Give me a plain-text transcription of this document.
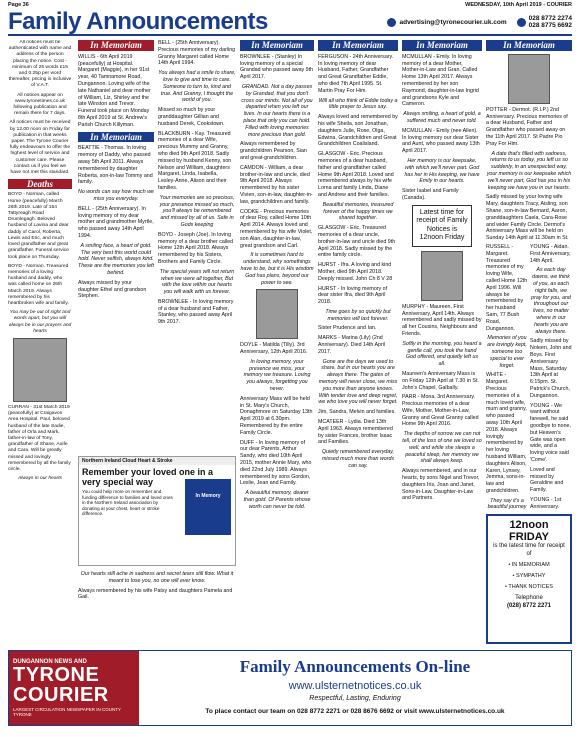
Page 36	WEDNESDAY, 10th April 2019 - COURIER
Family Announcements	advertising@tyronecourier.uk.com	028 8772 2274
028 8775 6692

All notices must be authenticated with name and address of the person placing the notice. Cost - minimum of 25 words £15 and 0.25p per word thereafter, pricing is inclusive of V.A.T.

All notices appear on www.tyronetimes.co.uk following publication and remain there for 7 days.

All notices must be received by 12.00 noon on Friday for publication in that weeks paper. The Tyrone Courier fully endeavours to offer the highest level of service and customer care. Please contact us if you feel we have not met this standard.

Deaths

BOYD - Norman, called Home (peacefully) March 26th 2019. Late of 154 Tattyreagh Road Drumlegagh. Beloved husband of Lavina and dear daddy of Carol, Roberta, Lewis and Eric, and much loved grandfather and great grandfather. Funeral service took place on Thursday.

BOYD - Norman. Treasured memories of a loving husband and daddy, who was called home on 26th March 2019. Always remembered by his heartbroken wife and family.

You may be out of sight and words apart, but you will always be in our prayers and hearts

CURRAN - 31st March 2019 (peacefully) at Craigavon Area Hospital. Paul, beloved husband of the late Sadie, father of Orla and Mark, father-in-law of Tony, grandfather of Shane, Aoife and Cara. Will be greatly missed and lovingly remembered by all the family circle.

Always in our hearts

In Memoriam

WILLIS - 6th April 2019 (peacefully) at Hospital. Margaret (Maggie), in her 91st year, 40 Tamnamore Road, Dungannon. Loving wife of the late Nathaniel and dear mother of William, Liz, Shirley and the late Winston and Trevor. Funeral took place on Monday 8th April 2019 at St. Andrew's Parish Church Killyman.

In Memoriam

BEATTIE - Thomas. In loving memory of Daddy, who passed away 5th April 2011. Always remembered by daughter Roberta, son-in-law Tommy and family.

No words can say how much we miss you everyday.

BELL - (25th Anniversary). In loving memory of my dear mother and grandmother Myrtle, who passed away 14th April 1994.

A smiling face, a heart of gold. The very best this world could hold. Never selfish, always kind. These are the memories you left behind.

Always missed by your daughter Ethel and grandson Stephen.

BELL - (25th Anniversary). Precious memories of my darling Granny Margaret called Home 14th April 1994.

You always had a smile to share, love to give and time to care. Someone to turn to, kind and true. And Granny, I thought the world of you.

Missed so much by your granddaughter Gillian and husband Derek, Cookstown.

BLACKBURN - Kay. Treasured memories of a dear Wife, precious Mummy and Granny, who died 9th April 2018. Sadly missed by husband Kenny, son Nelson and William, daughters Margaret, Linda, Isabella, Lesley-Anne, Alison and their families.

Your memories are so precious, your presence missed so much, you'll always be remembered and missed by all of us. Safe in Gods keeping

BOYD - Joseph (Joe). In loving memory of a dear brother called Home 12th April 2018. Always remembered by his Sisters, Brothers and Family Circle.

The special years will not return when we were all together, But with the love within our hearts you will walk with us forever.

BROWNLEE - In loving memory of a dear husband and Father, Stanley, who passed away April 9th 2017.

Northern Ireland Cloud Heart & Stroke
Remember your loved one in a very special way
You could help more on remember and funding difference to families and loved ones in the Northern Ireland association by donating at your chest, heart or stroke difference.
In Memory

Our hearts still ache in sadness and secret tears still flow. What it meant to lose you, no one will ever know.

Always remembered by his wife Patsy and daughters Pamela and Gail.

In Memoriam

BROWNLEE - (Stanley) In loving memory of a special Grandad who passed away 9th April 2017.

GRANDAD. Not a day passes by Grandad, that you don't cross our minds. Not all of you departed when you left our lives. In our hearts there is a place that only you can hold. Filled with loving memories more precious than gold.

Always remembered by grandchildren Pearson, Sian and great-grandchildren.

CAMDON - William, a dear brother-in-law and uncle, died 9th April 2018. Always remembered by his sister Vivien, son-in-law, daughter-in-law, grandchildren and family.

CODKE - Precious memories of dear Roy, called Home 10th April 2014. Always loved and remembered by his wife Violet, son Alan, daughter-in-law, great grandson and Carl.

It is sometimes hard to understand, why somethings have to be, but it is His wisdom God has plans, beyond our power to see.

DOYLE - Matilda (Tilly). 3rd Anniversary, 12th April 2016.

In loving memory, your presence we miss, your memory we treasure. Loving you always, forgetting you never.

Anniversary Mass will be held in St. Mary's Church, Donaghmore on Saturday 13th April 2019 at 6.30pm. Remembered by the entire Family Circle.

DUFF - In loving memory of our dear Parents, Arthur Sandy, who died 10th April 2015, mother Annie Mary, who died 22nd July 1989. Always remembered by sons Gordon, Leslie, Jean and Family.

A beautiful memory, dearer than gold. Of Parents whose worth can never be told.

In Memoriam

FERGUSON - 24th Anniversary. In loving memory of dear Husband, Father, Grandfather and Great Grandfather Eddie, who died 7th April 1995. St. Martin Pray For Him.

Will all who think of Eddie today a little prayer to Jesus say.

Always loved and remembered by his wife Sheila, son Jonathan, daughters Julie, Rose, Olga, Edwina, Grandchildren and Great Grandchildren Coalisland.

GLASGOW - Eric. Precious memories of a dear husband, father and grandfather called Home 9th April 2018. Loved and remembered always by his wife Lorna and family Linda, Diane and Andrew and their families.

Beautiful memories, treasured forever of the happy times we shared together.

GLASGOW - Eric. Treasured memories of a dear uncle, brother-in-law and uncle died 9th April 2018. Sadly missed by the entire family circle.

HURST - Ifra. A loving and kind Mother, died 9th April 2018. Deeply missed. John Ch 8 V 28

HURST - In loving memory of dear sister Ifra, died 9th April 2018.

Time goes by so quickly but memories will last forever.

Sister Prudence and Ian.

MARKS - Marina (Lily) (2nd Anniversary). Died 14th April 2017.

Gone are the days we used to share, but in our hearts you are always there. The gates of memory will never close, we miss you more than anyone knows. With tender love and deep regret, we who love you will never forget.

Jim, Sandra, Melvin and families.

MCATEER - Lydia. Died 13th April 1963. Always remembered by sister Frances, brother Isaac and Families.

Quietly remembered everyday, missed much more than words can say.

In Memoriam

MCMULLAN - Emily. In loving memory of a dear Mother, Mother-in-Law and Gran. Called Home 13th April 2017. Always remembered by her son Raymond, daughter-in-law Ingrid and grandsons Kyle and Cameron.

Always smiling, a heart of gold, a suffered much and never told.

MCMULLAN - Emily (nee Allen). In loving memory our dear Sister and Aunt, who passed away 13th April 2017.

Her memory is our keepsake, with which we'll never part. God has her in His keeping, we have Emily in our hearts.

Sister Isabel and Family (Canada).

Latest time for receipt of Family Notices is 12noon Friday

MURPHY - Maureen. First Anniversary, April 14th. Always remembered and sadly missed by all her Cousins, Neighbours and Friends.

Softly in the morning, you heard a gentle call, you took the hand God offered, and quietly left us all.

Maureen's Anniversary Mass is on Friday 12th April at 7.30 in St. John's Chapel, Galbally.

PARR - Mona. 3rd Anniversary. Precious memories of a dear Wife, Mother, Mother-in-Law, Granny and Great Granny called Home 9th April 2016.

The depths of sorrow we can not tell, of the loss of one we loved so well, and while she sleeps a peaceful sleep, her memory we shall always keep.

Always remembered, and in our hearts, by sons Nigel and Trevor, daughters Iris, Joan and Janet, Sons-in-Law, Daughter-in-Law and Partners.

In Memoriam

POTTER - Dermot. (R.I.P.) 2nd Anniversary. Precious memories of a dear Husband, Father and Grandfather who passed away on the 11th April 2017. St Padre Pio Pray For Him.

A date that's filled with sadness, returns to us today, you left us so suddenly, in an unexpected way, your memory is our keepsake which we'll never part, God has you in his keeping we have you in our hearts.

Sadly missed by your loving wife Mary, daughters Tracy, Aisling, son Shane, son-in-law Bernard, Aaron, granddaughters Caela, Cara-Rose and wider Family Circle. Dermot's Anniversary Mass will be held on Sunday 14th April at 11.30am in St.

RUSSELL - Margaret. Treasured memories of my loving Wife, called Home 12th April 1996. Will always be remembered by her husband Sam, 77 Bush Road, Dungannon.

Memories of you are lovingly kept, someone too special to ever forget.

WHITE - Margaret. Precious memories of a much loved wife, mum and granny, who passed away 10th April 2018. Always lovingly remembered by her loving husband William, daughters Alison, Karen, Lynsey, Jemma, sons-in-law and grandchildren.

They say it's a beautiful journey

YOUNG - Aidan. First Anniversary, 14th April.

As each day dawns, we think of you, as each night falls, we pray for you, and throughout our lives, no matter where in our hearts you are always there.

Sadly missed by Noleen, John and Boys. First Anniversary Mass, Saturday 13th April at 6:15pm. St. Patrick's Church, Dungannon.

YOUNG - We want without farewell, he said goodbye to none, but Heaven's Gate was open wide, and a loving voice said 'Come'.

Loved and missed by Geraldine and Family.

YOUNG - 1st Anniversary.

12noon
FRIDAY
is the latest time for receipt of
• IN MEMORIAM
• SYMPATHY
• THANK NOTICES
Telephone
(028) 8772 2271
DUNGANNON NEWS AND
TYRONE COURIER
LARGEST CIRCULATION NEWSPAPER IN COUNTY TYRONE
Family Announcements On-line
www.ulsternetnotices.co.uk
Respectful, Lasting, Enduring
To place contact our team on 028 8772 2271 or 028 8676 6692 or visit www.ulsternetnotices.co.uk
